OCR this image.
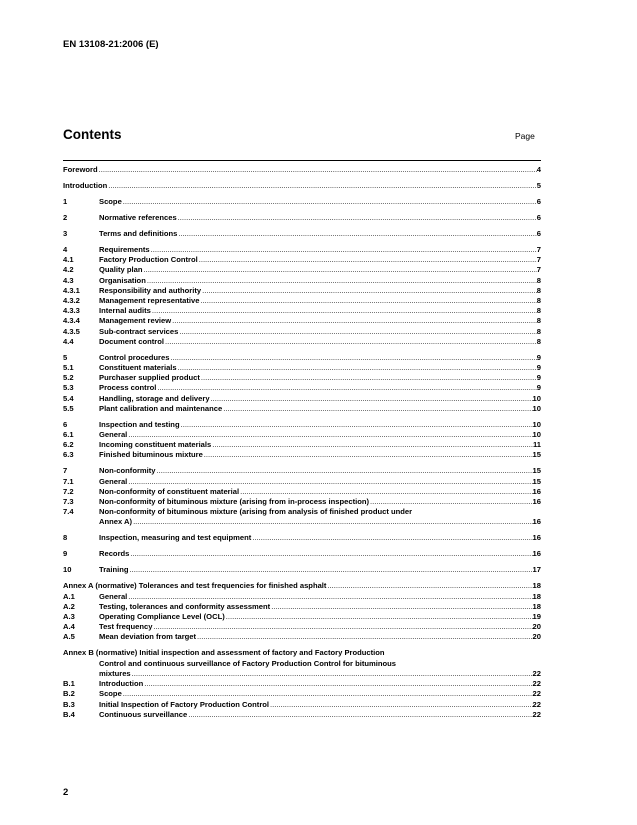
EN 13108-21:2006 (E)
Contents	Page
Foreword .....	4
Introduction .....	5
1	Scope .....	6
2	Normative references .....	6
3	Terms and definitions .....	6
4	Requirements .....	7
4.1	Factory Production Control .....	7
4.2	Quality plan .....	7
4.3	Organisation .....	8
4.3.1	Responsibility and authority .....	8
4.3.2	Management representative .....	8
4.3.3	Internal audits .....	8
4.3.4	Management review .....	8
4.3.5	Sub-contract services .....	8
4.4	Document control .....	8
5	Control procedures .....	9
5.1	Constituent materials .....	9
5.2	Purchaser supplied product .....	9
5.3	Process control .....	9
5.4	Handling, storage and delivery .....	10
5.5	Plant calibration and maintenance .....	10
6	Inspection and testing .....	10
6.1	General .....	10
6.2	Incoming constituent materials .....	11
6.3	Finished bituminous mixture .....	15
7	Non-conformity .....	15
7.1	General .....	15
7.2	Non-conformity of constituent material .....	16
7.3	Non-conformity of bituminous mixture (arising from in-process inspection) .....	16
7.4	Non-conformity of bituminous mixture (arising from analysis of finished product under
Annex A) .....	16
8	Inspection, measuring and test equipment .....	16
9	Records .....	16
10	Training .....	17
Annex A (normative) Tolerances and test frequencies for finished asphalt .....	18
A.1	General .....	18
A.2	Testing, tolerances and conformity assessment .....	18
A.3	Operating Compliance Level (OCL) .....	19
A.4	Test frequency .....	20
A.5	Mean deviation from target .....	20
Annex B (normative) Initial inspection and assessment of factory and Factory Production
Control and continuous surveillance of Factory Production Control for bituminous
mixtures .....	22
B.1	Introduction .....	22
B.2	Scope .....	22
B.3	Initial Inspection of Factory Production Control .....	22
B.4	Continuous surveillance .....	22
2
